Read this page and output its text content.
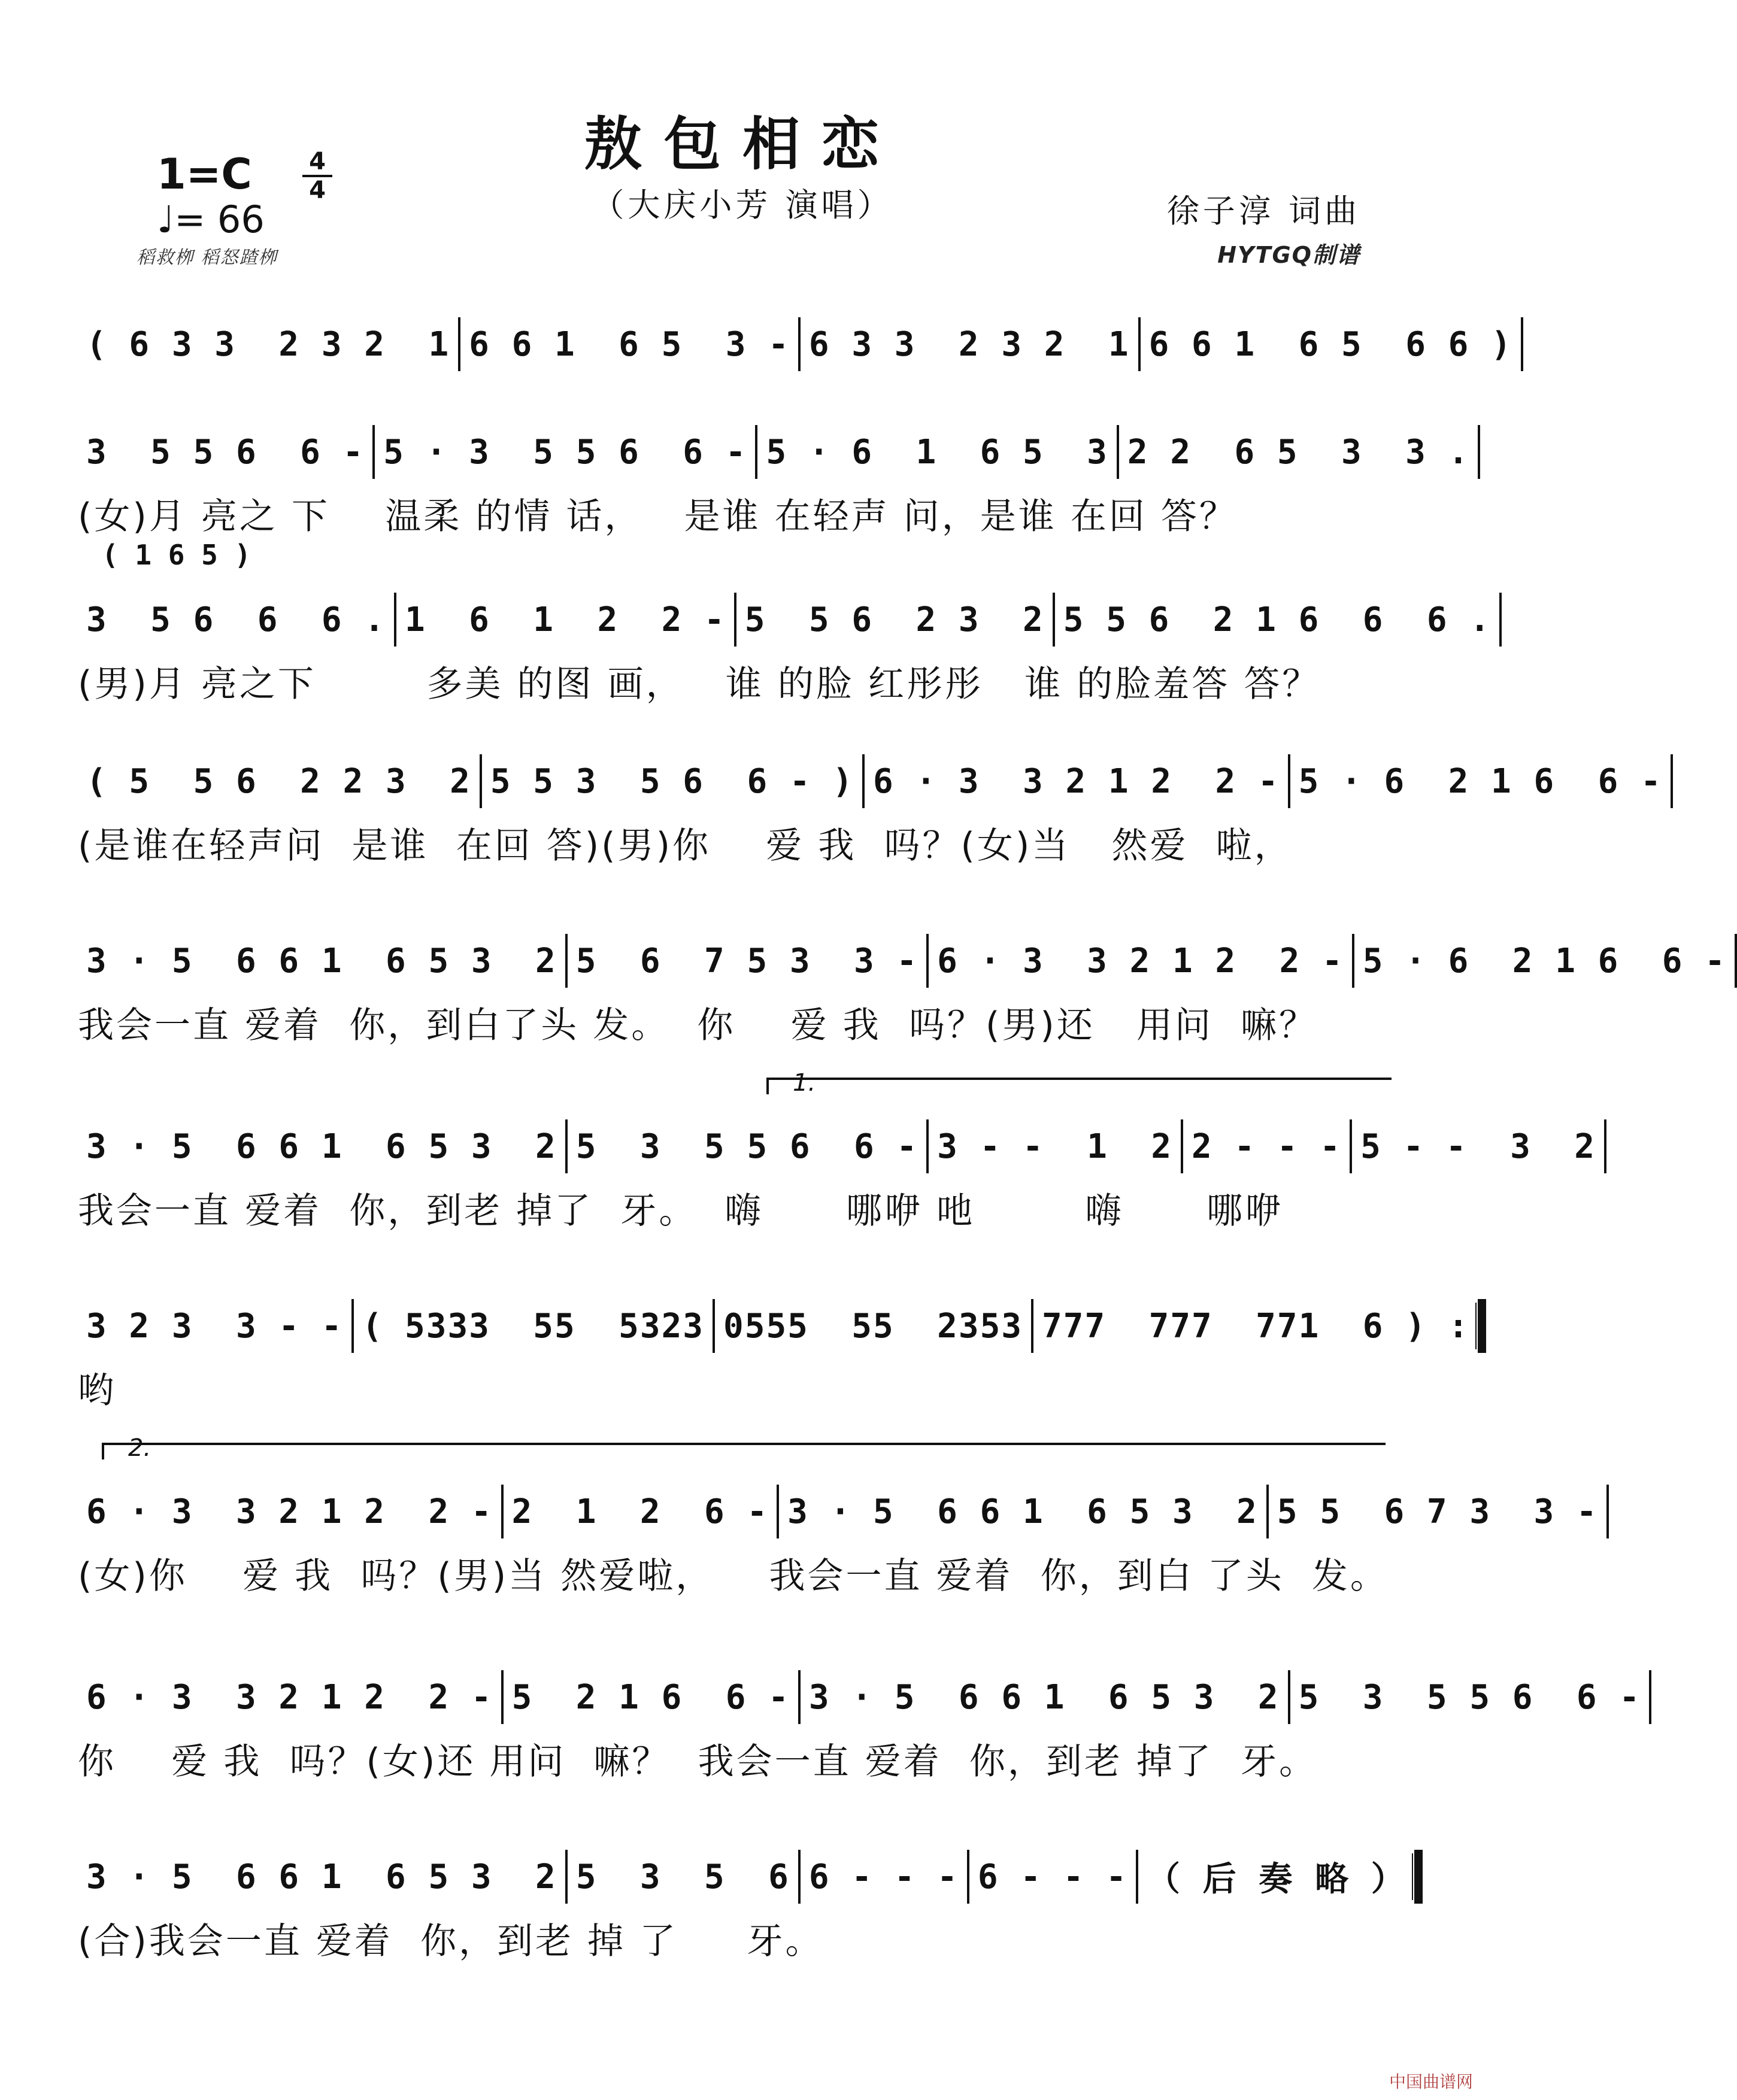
敖包相恋
（大庆小芳 演唱）
1=C 4
4
♩= 66
稻救栁 稻怒蹅栁
徐子淳 词曲
HYTGQ制谱
( 6 3 3  2 3 2  1 6 6 1  6 5  3 - 6 3 3  2 3 2  1 6 6 1  6 5  6 6 )
3  5 5 6  6 - 5 · 3  5 5 6  6 - 5 · 6  1  6 5  3 2 2  6 5  3  3 .
(女)月 亮之 下    温柔 的情 话，   是谁 在轻声 问，是谁 在回 答？
( 1 6 5 )
3  5 6  6  6 . 1  6  1  2  2 - 5  5 6  2 3  2 5 5 6  2 1 6  6  6 .
(男)月 亮之下        多美 的图 画，   谁 的脸 红彤彤   谁 的脸羞答 答？
( 5  5 6  2 2 3  2 5 5 3  5 6  6 - ) 6 · 3  3 2 1 2  2 - 5 · 6  2 1 6  6 -
(是谁在轻声问  是谁  在回 答)(男)你    爱 我  吗？(女)当   然爱  啦，
3 · 5  6 6 1  6 5 3  2 5  6  7 5 3  3 - 6 · 3  3 2 1 2  2 - 5 · 6  2 1 6  6 -
我会一直 爱着  你，到白了头 发。  你    爱 我  吗？(男)还   用问  嘛？
1.
3 · 5  6 6 1  6 5 3  2 5  3  5 5 6  6 - 3 - -  1  2 2 - - - 5 - -  3  2
我会一直 爱着  你，到老 掉了  牙。  嗨      哪咿 吔        嗨      哪咿
3 2 3  3 - - ( 5333  55  5323 0555  55  2353 777  777  771  6 ) :
哟
2.
6 · 3  3 2 1 2  2 - 2  1  2  6 - 3 · 5  6 6 1  6 5 3  2 5 5  6 7 3  3 -
(女)你    爱 我  吗？(男)当 然爱啦，    我会一直 爱着  你，到白 了头  发。
6 · 3  3 2 1 2  2 - 5  2 1 6  6 - 3 · 5  6 6 1  6 5 3  2 5  3  5 5 6  6 -
你    爱 我  吗？(女)还 用问  嘛？  我会一直 爱着  你，到老 掉了  牙。
3 · 5  6 6 1  6 5 3  2 5  3  5  6 6 - - - 6 - - - （ 后 奏 略 ）
(合)我会一直 爱着  你，到老 掉 了     牙。
中国曲谱网
